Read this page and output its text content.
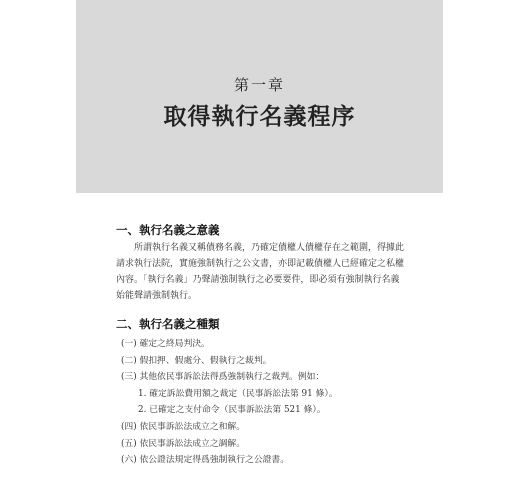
第一章
取得執行名義程序
一、執行名義之意義
所謂執行名義又稱債務名義，乃確定債權人債權存在之範圍，得據此
請求執行法院，實施強制執行之公文書，亦即記載債權人已經確定之私權
內容。「執行名義」乃聲請強制執行之必要要件，即必須有強制執行名義
始能聲請強制執行。
二、執行名義之種類
(一) 確定之終局判決。
(二) 假扣押、假處分、假執行之裁判。
(三) 其他依民事訴訟法得爲強制執行之裁判。例如：
1. 確定訴訟費用額之裁定（民事訴訟法第 91 條）。
2. 已確定之支付命令（民事訴訟法第 521 條）。
(四) 依民事訴訟法成立之和解。
(五) 依民事訴訟法成立之調解。
(六) 依公證法規定得爲強制執行之公證書。
